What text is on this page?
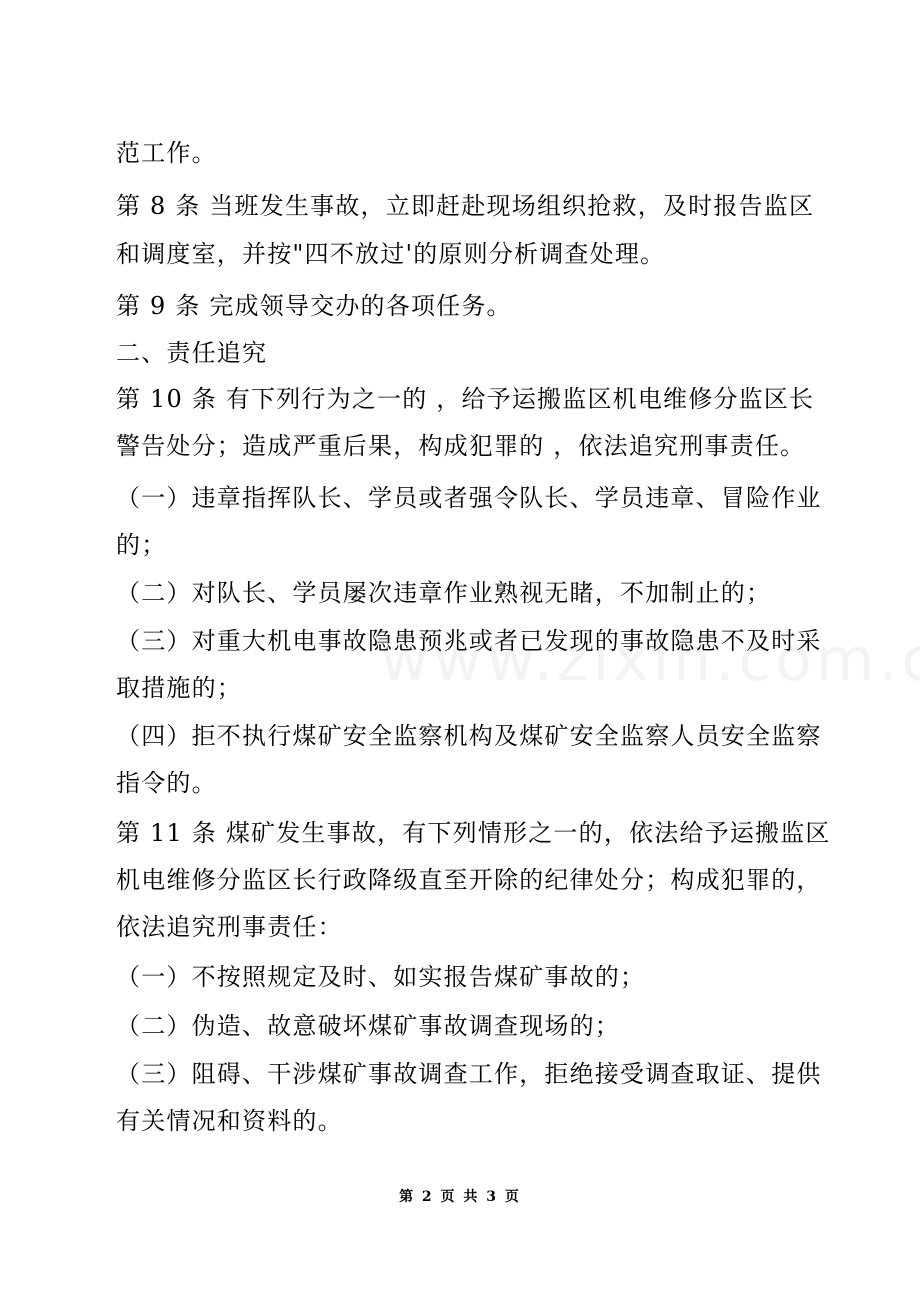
范工作。
第 8 条 当班发生事故，立即赶赴现场组织抢救，及时报告监区
和调度室，并按"四不放过'的原则分析调查处理。
第 9 条 完成领导交办的各项任务。
二、责任追究
第 10 条 有下列行为之一的 ，给予运搬监区机电维修分监区长
警告处分；造成严重后果，构成犯罪的 ，依法追究刑事责任。
（一）违章指挥队长、学员或者强令队长、学员违章、冒险作业
的；
（二）对队长、学员屡次违章作业熟视无睹，不加制止的；
（三）对重大机电事故隐患预兆或者已发现的事故隐患不及时采
取措施的；
（四）拒不执行煤矿安全监察机构及煤矿安全监察人员安全监察
指令的。
第 11 条 煤矿发生事故，有下列情形之一的，依法给予运搬监区
机电维修分监区长行政降级直至开除的纪律处分；构成犯罪的，
依法追究刑事责任：
（一）不按照规定及时、如实报告煤矿事故的；
（二）伪造、故意破坏煤矿事故调查现场的；
（三）阻碍、干涉煤矿事故调查工作，拒绝接受调查取证、提供
有关情况和资料的。
第 2 页 共 3 页
